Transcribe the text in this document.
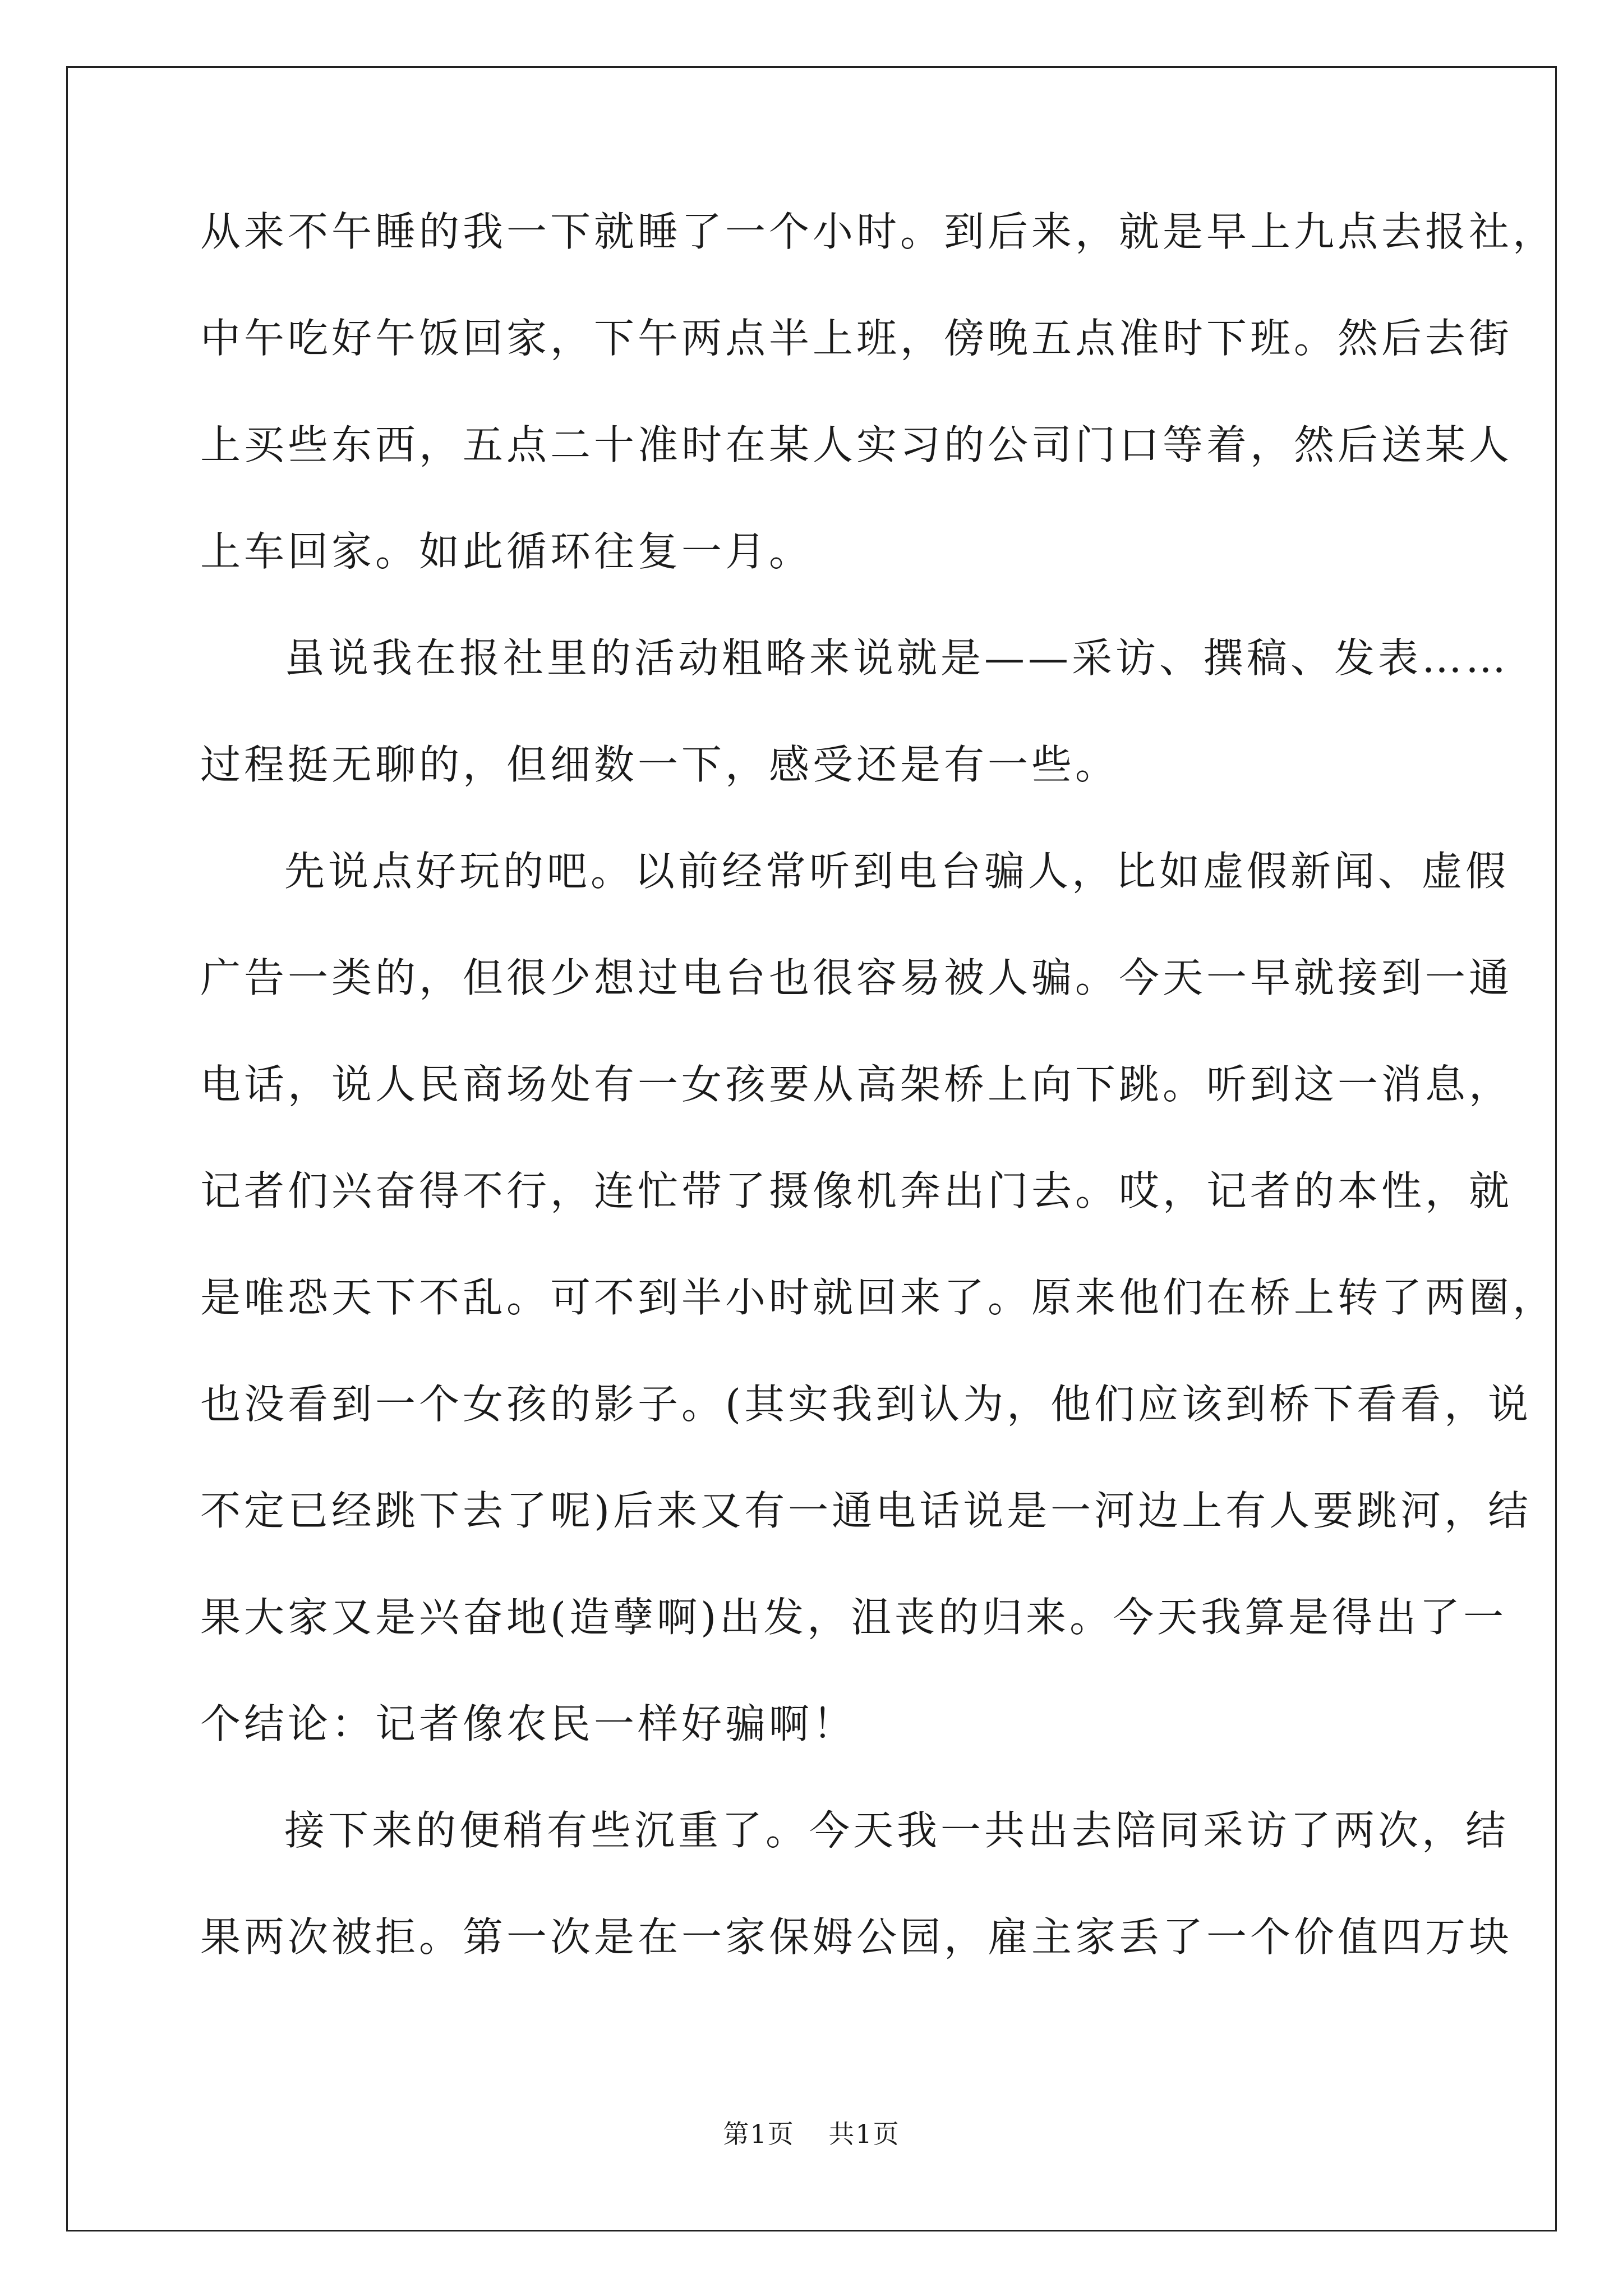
从来不午睡的我一下就睡了一个小时。到后来，就是早上九点去报社，
中午吃好午饭回家，下午两点半上班，傍晚五点准时下班。然后去街
上买些东西，五点二十准时在某人实习的公司门口等着，然后送某人
上车回家。如此循环往复一月。
虽说我在报社里的活动粗略来说就是——采访、撰稿、发表……
过程挺无聊的，但细数一下，感受还是有一些。
先说点好玩的吧。以前经常听到电台骗人，比如虚假新闻、虚假
广告一类的，但很少想过电台也很容易被人骗。今天一早就接到一通
电话，说人民商场处有一女孩要从高架桥上向下跳。听到这一消息，
记者们兴奋得不行，连忙带了摄像机奔出门去。哎，记者的本性，就
是唯恐天下不乱。可不到半小时就回来了。原来他们在桥上转了两圈，
也没看到一个女孩的影子。(其实我到认为，他们应该到桥下看看，说
不定已经跳下去了呢)后来又有一通电话说是一河边上有人要跳河，结
果大家又是兴奋地(造孽啊)出发，沮丧的归来。今天我算是得出了一
个结论：记者像农民一样好骗啊！
接下来的便稍有些沉重了。今天我一共出去陪同采访了两次，结
果两次被拒。第一次是在一家保姆公园，雇主家丢了一个价值四万块
第1页 共1页
